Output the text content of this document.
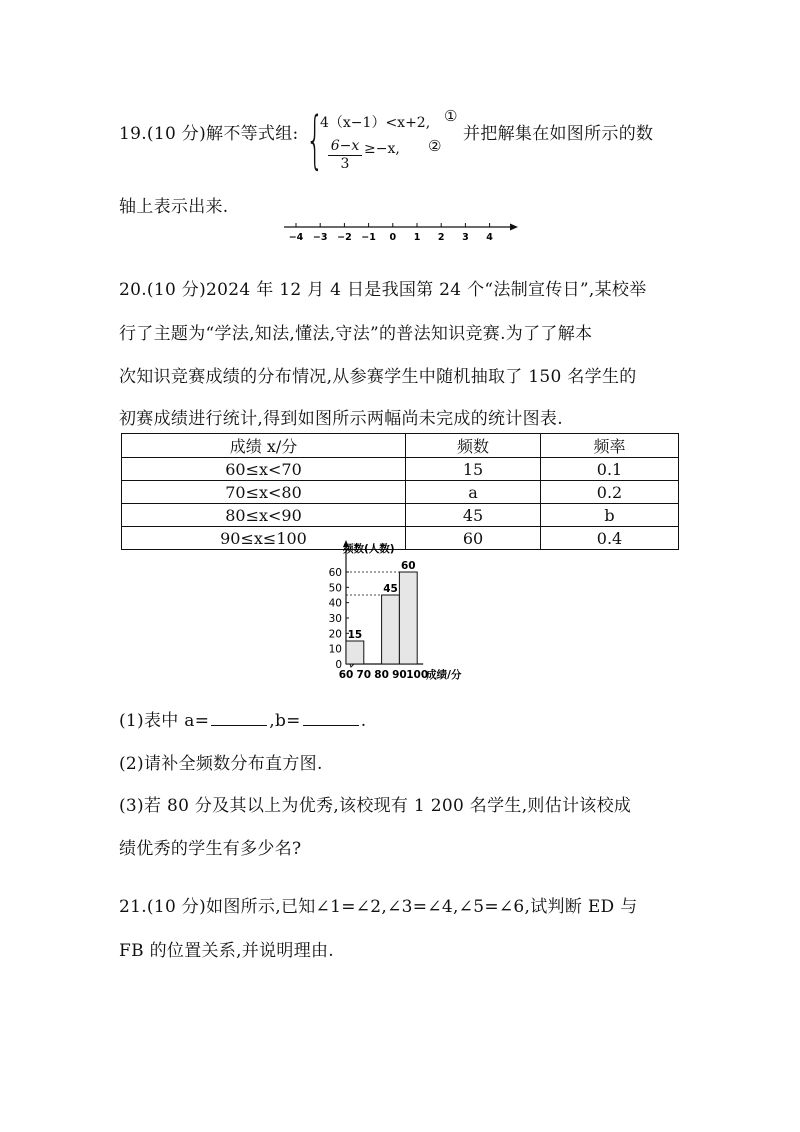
19.(10 分)解不等式组: {
4（x−1）<x+2,
$\frac{6-x}{3} \ge-x$,
①
②
并把解集在如图所示的数
轴上表示出来.
−4 −3 −2 −1 0 1 2 3 4
20.(10 分)2024 年 12 月 4 日是我国第 24 个“法制宣传日”,某校举
行了主题为“学法,知法,懂法,守法”的普法知识竞赛.为了了解本
次知识竞赛成绩的分布情况,从参赛学生中随机抽取了 150 名学生的
初赛成绩进行统计,得到如图所示两幅尚未完成的统计图表.
成绩 x/分	频数	频率
60≤x<70	15	0.1
70≤x<80	a	0.2
80≤x<90	45	b
90≤x≤100	60	0.4
频数(人数)
0
10
20
30
40
50
60
60 70 80 90 100
成绩/分
15
45
60
(1)表中 a=	,b=	.
(2)请补全频数分布直方图.
(3)若 80 分及其以上为优秀,该校现有 1 200 名学生,则估计该校成
绩优秀的学生有多少名?
21.(10 分)如图所示,已知∠1=∠2,∠3=∠4,∠5=∠6,试判断 ED 与
FB 的位置关系,并说明理由.
